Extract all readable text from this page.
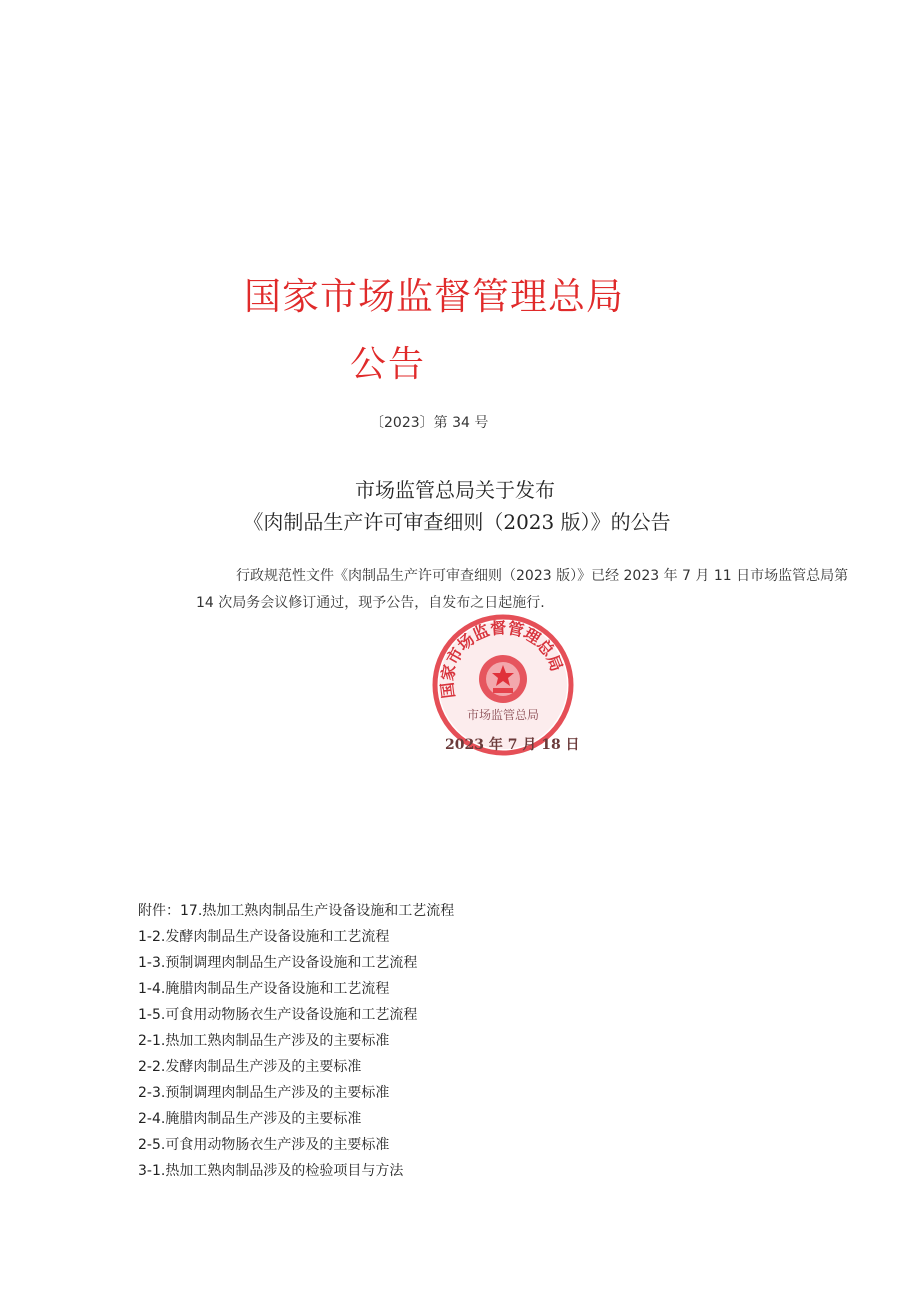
国家市场监督管理总局
公告
〔2023〕第 34 号
市场监管总局关于发布
《肉制品生产许可审查细则（2023 版）》的公告
行政规范性文件《肉制品生产许可审查细则（2023 版）》已经 2023 年 7 月 11 日市场监管总局第 14 次局务会议修订通过，现予公告，自发布之日起施行.
国家市场监督管理总局
市场监管总局
2023 年 7 月 18 日
附件：17.热加工熟肉制品生产设备设施和工艺流程
1-2.发酵肉制品生产设备设施和工艺流程
1-3.预制调理肉制品生产设备设施和工艺流程
1-4.腌腊肉制品生产设备设施和工艺流程
1-5.可食用动物肠衣生产设备设施和工艺流程
2-1.热加工熟肉制品生产涉及的主要标准
2-2.发酵肉制品生产涉及的主要标准
2-3.预制调理肉制品生产涉及的主要标准
2-4.腌腊肉制品生产涉及的主要标准
2-5.可食用动物肠衣生产涉及的主要标准
3-1.热加工熟肉制品涉及的检验项目与方法
